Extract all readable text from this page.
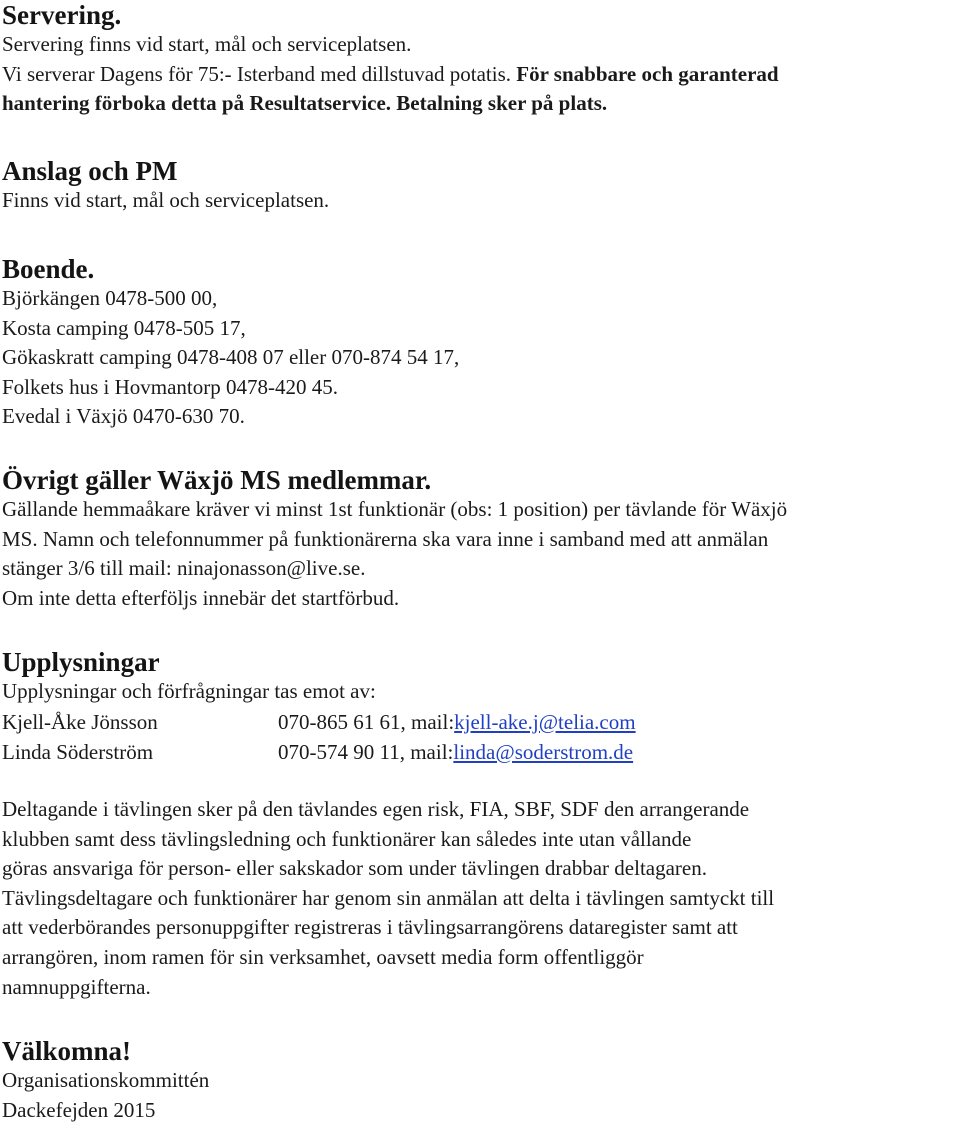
Servering.
Servering finns vid start, mål och serviceplatsen.
Vi serverar Dagens för 75:- Isterband med dillstuvad potatis. För snabbare och garanterad
hantering förboka detta på Resultatservice. Betalning sker på plats.
Anslag och PM
Finns vid start, mål och serviceplatsen.
Boende.
Björkängen 0478-500 00,
Kosta camping 0478-505 17,
Gökaskratt camping 0478-408 07 eller 070-874 54 17,
Folkets hus i Hovmantorp 0478-420 45.
Evedal i Växjö 0470-630 70.
Övrigt gäller Wäxjö MS medlemmar.
Gällande hemmaåkare kräver vi minst 1st funktionär (obs: 1 position) per tävlande för Wäxjö
MS. Namn och telefonnummer på funktionärerna ska vara inne i samband med att anmälan
stänger 3/6 till mail: ninajonasson@live.se.
Om inte detta efterföljs innebär det startförbud.
Upplysningar
Upplysningar och förfrågningar tas emot av:
Kjell-Åke Jönsson	070-865 61 61, mail: kjell-ake.j@telia.com
Linda Söderström	070-574 90 11, mail: linda@soderstrom.de
Deltagande i tävlingen sker på den tävlandes egen risk, FIA, SBF, SDF den arrangerande
klubben samt dess tävlingsledning och funktionärer kan således inte utan vållande
göras ansvariga för person- eller sakskador som under tävlingen drabbar deltagaren.
Tävlingsdeltagare och funktionärer har genom sin anmälan att delta i tävlingen samtyckt till
att vederbörandes personuppgifter registreras i tävlingsarrangörens dataregister samt att
arrangören, inom ramen för sin verksamhet, oavsett media form offentliggör
namnuppgifterna.
Välkomna!
Organisationskommittén
Dackefejden 2015
